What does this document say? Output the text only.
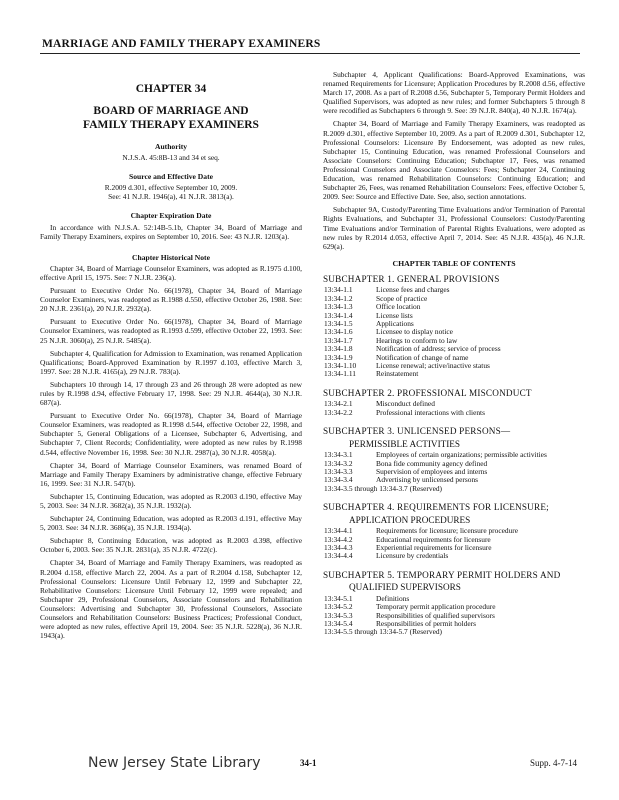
MARRIAGE AND FAMILY THERAPY EXAMINERS
CHAPTER 34
BOARD OF MARRIAGE AND
FAMILY THERAPY EXAMINERS
Authority
N.J.S.A. 45:8B-13 and 34 et seq.
Source and Effective Date
R.2009 d.301, effective September 10, 2009.
See: 41 N.J.R. 1946(a), 41 N.J.R. 3813(a).
Chapter Expiration Date

In accordance with N.J.S.A. 52:14B-5.1b, Chapter 34, Board of Marriage and Family Therapy Examiners, expires on September 10, 2016. See: 43 N.J.R. 1203(a).

Chapter Historical Note

Chapter 34, Board of Marriage Counselor Examiners, was adopted as R.1975 d.100, effective April 15, 1975. See: 7 N.J.R. 236(a).

Pursuant to Executive Order No. 66(1978), Chapter 34, Board of Marriage Counselor Examiners, was readopted as R.1988 d.550, effective October 26, 1988. See: 20 N.J.R. 2361(a), 20 N.J.R. 2932(a).

Pursuant to Executive Order No. 66(1978), Chapter 34, Board of Marriage Counselor Examiners, was readopted as R.1993 d.599, effective October 22, 1993. See: 25 N.J.R. 3060(a), 25 N.J.R. 5485(a).

Subchapter 4, Qualification for Admission to Examination, was renamed Application Qualifications; Board-Approved Examination by R.1997 d.103, effective March 3, 1997. See: 28 N.J.R. 4165(a), 29 N.J.R. 783(a).

Subchapters 10 through 14, 17 through 23 and 26 through 28 were adopted as new rules by R.1998 d.94, effective February 17, 1998. See: 29 N.J.R. 4644(a), 30 N.J.R. 687(a).

Pursuant to Executive Order No. 66(1978), Chapter 34, Board of Marriage Counselor Examiners, was readopted as R.1998 d.544, effective October 22, 1998, and Subchapter 5, General Obligations of a Licensee, Subchapter 6, Advertising, and Subchapter 7, Client Records; Confidentiality, were adopted as new rules by R.1998 d.544, effective November 16, 1998. See: 30 N.J.R. 2987(a), 30 N.J.R. 4058(a).

Chapter 34, Board of Marriage Counselor Examiners, was renamed Board of Marriage and Family Therapy Examiners by administrative change, effective February 16, 1999. See: 31 N.J.R. 547(b).

Subchapter 15, Continuing Education, was adopted as R.2003 d.190, effective May 5, 2003. See: 34 N.J.R. 3682(a), 35 N.J.R. 1932(a).

Subchapter 24, Continuing Education, was adopted as R.2003 d.191, effective May 5, 2003. See: 34 N.J.R. 3686(a), 35 N.J.R. 1934(a).

Subchapter 8, Continuing Education, was adopted as R.2003 d.398, effective October 6, 2003. See: 35 N.J.R. 2831(a), 35 N.J.R. 4722(c).

Chapter 34, Board of Marriage and Family Therapy Examiners, was readopted as R.2004 d.158, effective March 22, 2004. As a part of R.2004 d.158, Subchapter 12, Professional Counselors: Licensure Until February 12, 1999 and Subchapter 22, Rehabilitative Counselors: Licensure Until February 12, 1999 were repealed; and Subchapter 29, Professional Counselors, Associate Counselors and Rehabilitation Counselors: Advertising and Subchapter 30, Professional Counselors, Associate Counselors and Rehabilitation Counselors: Business Practices; Professional Conduct, were adopted as new rules, effective April 19, 2004. See: 35 N.J.R. 5228(a), 36 N.J.R. 1943(a).

Subchapter 4, Applicant Qualifications: Board-Approved Examinations, was renamed Requirements for Licensure; Application Procedures by R.2008 d.56, effective March 17, 2008. As a part of R.2008 d.56, Subchapter 5, Temporary Permit Holders and Qualified Supervisors, was adopted as new rules; and former Subchapters 5 through 8 were recodified as Subchapters 6 through 9. See: 39 N.J.R. 840(a), 40 N.J.R. 1674(a).

Chapter 34, Board of Marriage and Family Therapy Examiners, was readopted as R.2009 d.301, effective September 10, 2009. As a part of R.2009 d.301, Subchapter 12, Professional Counselors: Licensure By Endorsement, was adopted as new rules, Subchapter 15, Continuing Education, was renamed Professional Counselors and Associate Counselors: Continuing Education; Subchapter 17, Fees, was renamed Professional Counselors and Associate Counselors: Fees; Subchapter 24, Continuing Education, was renamed Rehabilitation Counselors: Continuing Education; and Subchapter 26, Fees, was renamed Rehabilitation Counselors: Fees, effective October 5, 2009. See: Source and Effective Date. See, also, section annotations.

Subchapter 9A, Custody/Parenting Time Evaluations and/or Termination of Parental Rights Evaluations, and Subchapter 31, Professional Counselors: Custody/Parenting Time Evaluations and/or Termination of Parental Rights Evaluations, were adopted as new rules by R.2014 d.053, effective April 7, 2014. See: 45 N.J.R. 435(a), 46 N.J.R. 629(a).

CHAPTER TABLE OF CONTENTS
SUBCHAPTER 1. GENERAL PROVISIONS
13:34-1.1	License fees and charges
13:34-1.2	Scope of practice
13:34-1.3	Office location
13:34-1.4	License lists
13:34-1.5	Applications
13:34-1.6	Licensee to display notice
13:34-1.7	Hearings to conform to law
13:34-1.8	Notification of address; service of process
13:34-1.9	Notification of change of name
13:34-1.10	License renewal; active/inactive status
13:34-1.11	Reinstatement
SUBCHAPTER 2. PROFESSIONAL MISCONDUCT
13:34-2.1	Misconduct defined
13:34-2.2	Professional interactions with clients
SUBCHAPTER 3. UNLICENSED PERSONS—
PERMISSIBLE ACTIVITIES
13:34-3.1	Employees of certain organizations; permissible activities
13:34-3.2	Bona fide community agency defined
13:34-3.3	Supervision of employees and interns
13:34-3.4	Advertising by unlicensed persons
13:34-3.5 through 13:34-3.7 (Reserved)	
SUBCHAPTER 4. REQUIREMENTS FOR LICENSURE;
APPLICATION PROCEDURES
13:34-4.1	Requirements for licensure; licensure procedure
13:34-4.2	Educational requirements for licensure
13:34-4.3	Experiential requirements for licensure
13:34-4.4	Licensure by credentials
SUBCHAPTER 5. TEMPORARY PERMIT HOLDERS AND
QUALIFIED SUPERVISORS
13:34-5.1	Definitions
13:34-5.2	Temporary permit application procedure
13:34-5.3	Responsibilities of qualified supervisors
13:34-5.4	Responsibilities of permit holders
13:34-5.5 through 13:34-5.7 (Reserved)	
New Jersey State Library	34-1	Supp. 4-7-14
